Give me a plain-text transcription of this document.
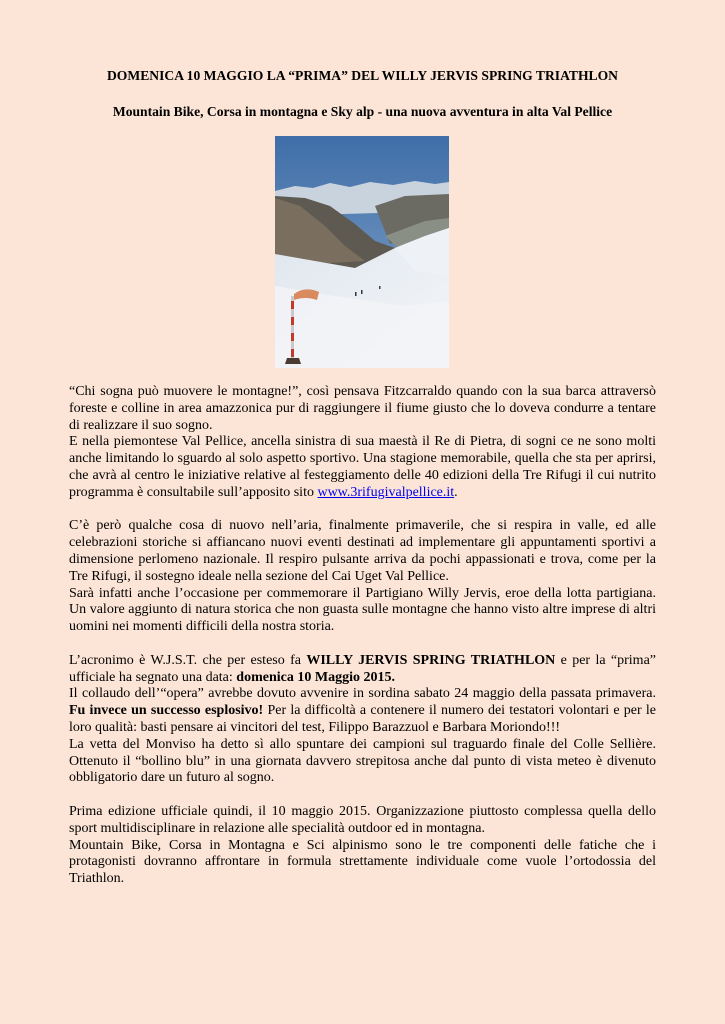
DOMENICA 10 MAGGIO LA “PRIMA” DEL WILLY JERVIS SPRING TRIATHLON
Mountain Bike, Corsa in montagna e Sky alp - una nuova avventura in alta Val Pellice

“Chi sogna può muovere le montagne!”, così pensava Fitzcarraldo quando con la sua barca attraversò foreste e colline in area amazzonica pur di raggiungere il fiume giusto che lo doveva condurre a tentare di realizzare il suo sogno.

E nella piemontese Val Pellice, ancella sinistra di sua maestà il Re di Pietra, di sogni ce ne sono molti anche limitando lo sguardo al solo aspetto sportivo. Una stagione memorabile, quella che sta per aprirsi, che avrà al centro le iniziative relative al festeggiamento delle 40 edizioni della Tre Rifugi il cui nutrito programma è consultabile sull’apposito sito www.3rifugivalpellice.it.

C’è però qualche cosa di nuovo nell’aria, finalmente primaverile, che si respira in valle, ed alle celebrazioni storiche si affiancano nuovi eventi destinati ad implementare gli appuntamenti sportivi a dimensione perlomeno nazionale. Il respiro pulsante arriva da pochi appassionati e trova, come per la Tre Rifugi, il sostegno ideale nella sezione del Cai Uget Val Pellice.

Sarà infatti anche l’occasione per commemorare il Partigiano Willy Jervis, eroe della lotta partigiana. Un valore aggiunto di natura storica che non guasta sulle montagne che hanno visto altre imprese di altri uomini nei momenti difficili della nostra storia.

L’acronimo è W.J.S.T. che per esteso fa WILLY JERVIS SPRING TRIATHLON e per la “prima” ufficiale ha segnato una data: domenica 10 Maggio 2015.

Il collaudo dell’“opera” avrebbe dovuto avvenire in sordina sabato 24 maggio della passata primavera. Fu invece un successo esplosivo! Per la difficoltà a contenere il numero dei testatori volontari e per le loro qualità: basti pensare ai vincitori del test, Filippo Barazzuol e Barbara Moriondo!!!

La vetta del Monviso ha detto sì allo spuntare dei campioni sul traguardo finale del Colle Sellière. Ottenuto il “bollino blu” in una giornata davvero strepitosa anche dal punto di vista meteo è divenuto obbligatorio dare un futuro al sogno.

Prima edizione ufficiale quindi, il 10 maggio 2015. Organizzazione piuttosto complessa quella dello sport multidisciplinare in relazione alle specialità outdoor ed in montagna.

Mountain Bike, Corsa in Montagna e Sci alpinismo sono le tre componenti delle fatiche che i protagonisti dovranno affrontare in formula strettamente individuale come vuole l’ortodossia del Triathlon.
